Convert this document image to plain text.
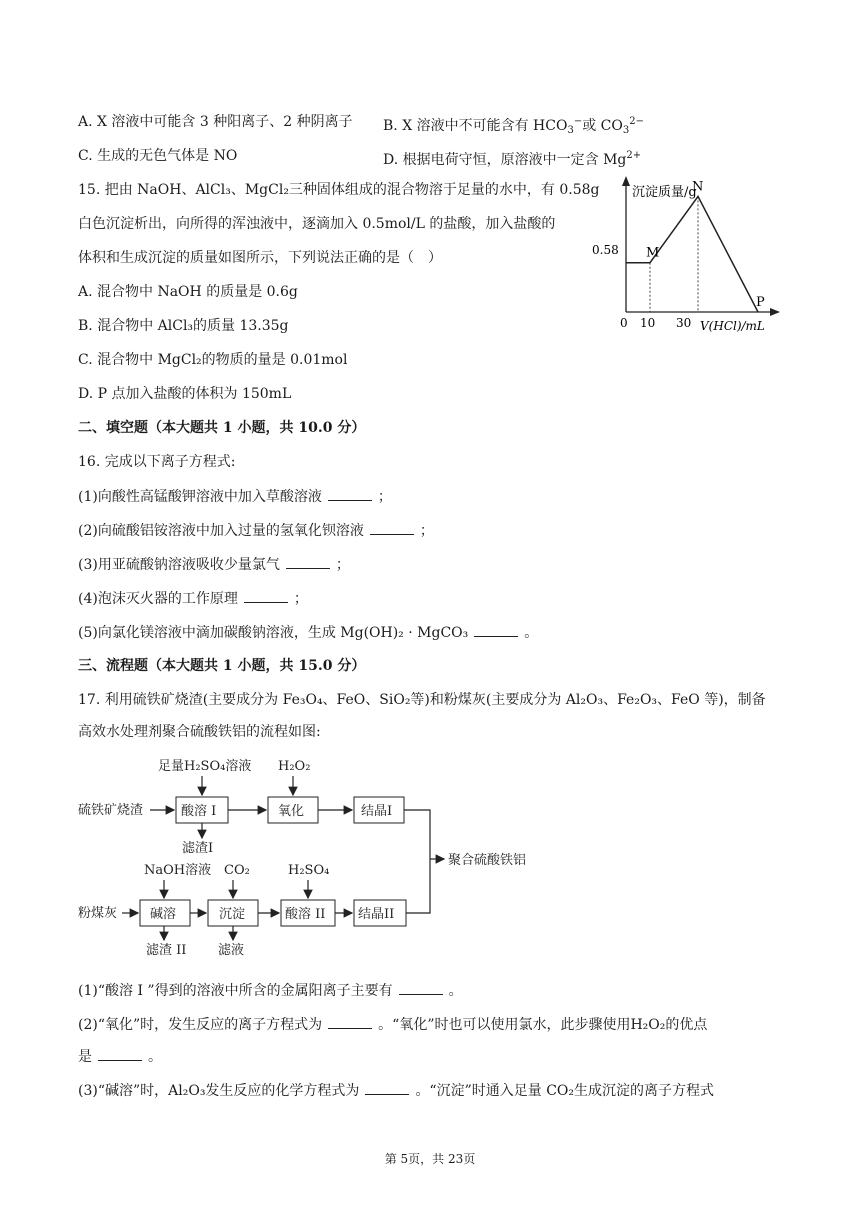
A. X 溶液中可能含 3 种阳离子、2 种阴离子 B. X 溶液中不可能含有 $HCO_3^-$或 $CO_3^{2-}$
C. 生成的无色气体是 NO	D. 根据电荷守恒，原溶液中一定含 $Mg^{2+}$
15. 把由 NaOH、AlCl₃、MgCl₂三种固体组成的混合物溶于足量的水中，有 0.58g
白色沉淀析出，向所得的浑浊液中，逐滴加入 0.5mol/L 的盐酸，加入盐酸的
体积和生成沉淀的质量如图所示，下列说法正确的是（　）
A. 混合物中 NaOH 的质量是 0.6g
B. 混合物中 AlCl₃的质量 13.35g
C. 混合物中 MgCl₂的物质的量是 0.01mol
D. P 点加入盐酸的体积为 150mL
沉淀质量/g
V(HCl)/mL
0 10 30
0.58 M
N
P
二、填空题（本大题共 1 小题，共 10.0 分）
16. 完成以下离子方程式:
(1)向酸性高锰酸钾溶液中加入草酸溶液	；
(2)向硫酸铝铵溶液中加入过量的氢氧化钡溶液	；
(3)用亚硫酸钠溶液吸收少量氯气	；
(4)泡沫灭火器的工作原理	；
(5)向氯化镁溶液中滴加碳酸钠溶液，生成 Mg(OH)₂ · MgCO₃	。
三、流程题（本大题共 1 小题，共 15.0 分）
17. 利用硫铁矿烧渣(主要成分为 Fe₃O₄、FeO、SiO₂等)和粉煤灰(主要成分为 Al₂O₃、Fe₂O₃、FeO 等)，制备
高效水处理剂聚合硫酸铁铝的流程如图:
足量H₂SO₄溶液 H₂O₂
硫铁矿烧渣	酸溶 I	氧化	结晶I
滤渣I
聚合硫酸铁铝
NaOH溶液 CO₂	H₂SO₄
粉煤灰	碱溶	沉淀	酸溶 II	结晶II
滤渣 II 滤液
(1)“酸溶 I ”得到的溶液中所含的金属阳离子主要有	。
(2)“氧化”时，发生反应的离子方程式为	。“氧化”时也可以使用氯水，此步骤使用H₂O₂的优点
是	。
(3)“碱溶”时，Al₂O₃发生反应的化学方程式为	。“沉淀”时通入足量 CO₂生成沉淀的离子方程式
第 5页，共 23页
